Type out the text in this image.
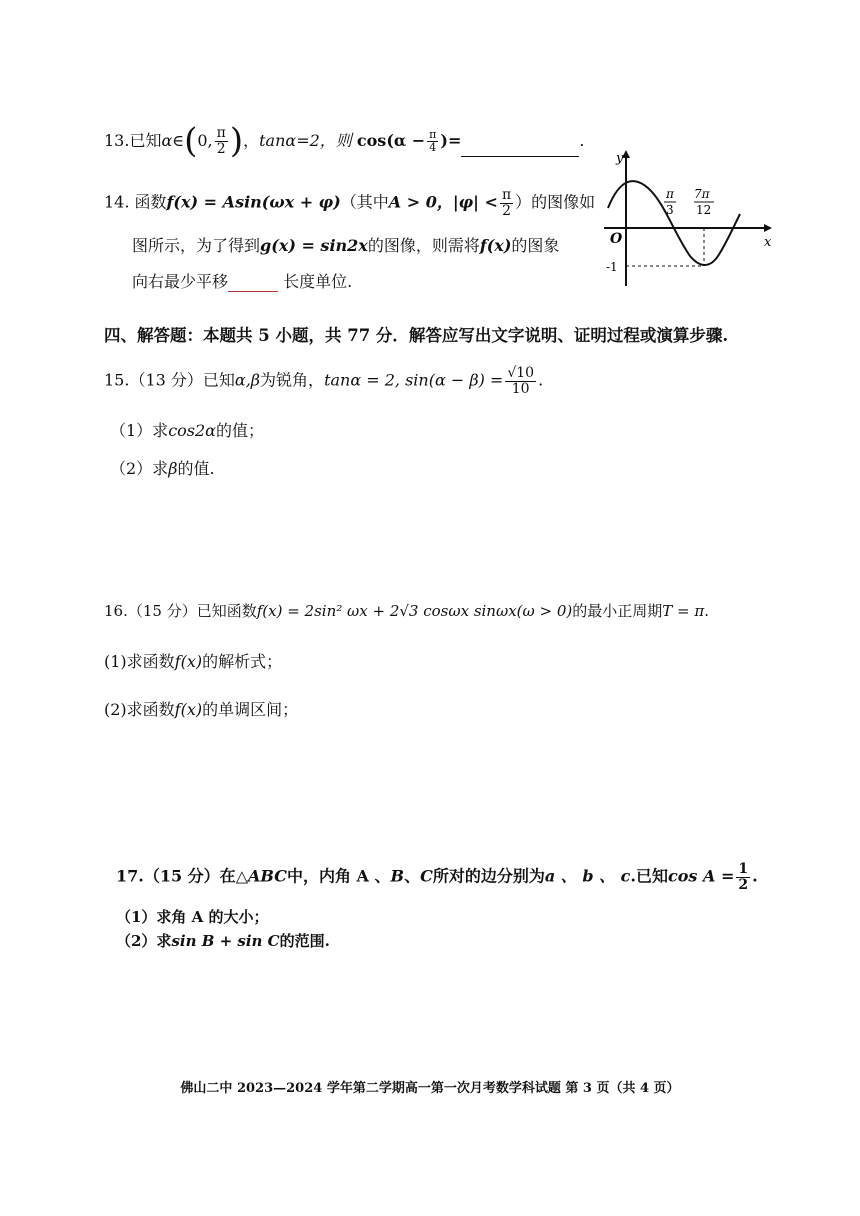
13.已知α∈(0, $\frac{\pi}{2}$ )，tanα=2，则 $\cos(\alpha - \frac{\pi}{4}$ )=	.
14. 函数f(x) = Asin(ωx + φ)（其中A > 0，$|\varphi| < \frac{\pi}{2}$ ）的图像如
图所示，为了得到g(x) = sin2x的图像，则需将f(x)的图象
向右最少平移	长度单位.
y
x
O
π
3
7π
12
-1
四、解答题：本题共 5 小题，共 77 分．解答应写出文字说明、证明过程或演算步骤.
15.（13 分）已知α,β为锐角，tanα = 2, $\sin(\alpha - \beta) = \frac{√10}{10}$ .
（1）求cos2α的值；
（2）求β的值.
16.（15 分）已知函数f(x) = 2sin² ωx + 2√3 cosωx sinωx(ω > 0)的最小正周期T = π.
(1)求函数f(x)的解析式；
(2)求函数f(x)的单调区间；
17.（15 分）在△ABC中，内角 A 、B、C所对的边分别为a 、 b 、 c.已知$\cos A = \frac{1}{2}$ .
（1）求角 A 的大小；
（2）求sin B + sin C的范围.
佛山二中 2023—2024 学年第二学期高一第一次月考数学科试题 第 3 页（共 4 页）
